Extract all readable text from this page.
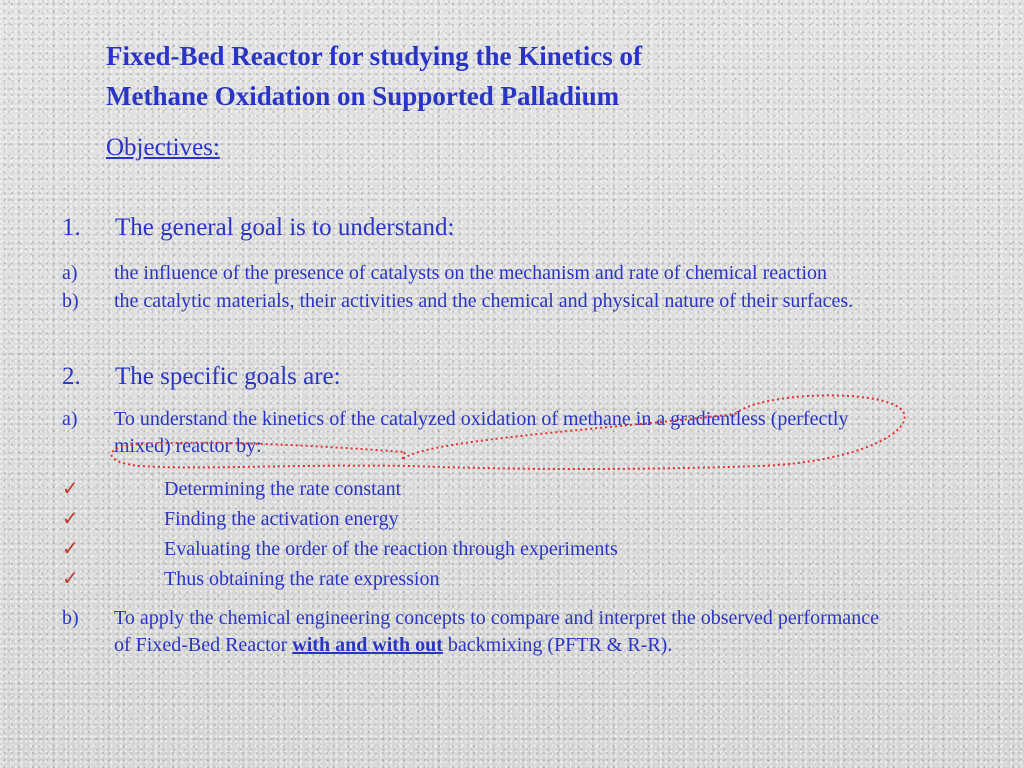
Fixed-Bed Reactor for studying the Kinetics of
Methane Oxidation on Supported Palladium
Objectives:
1.	The general goal is to understand:
a)	the influence of the presence of catalysts on the mechanism and rate of chemical reaction
b)	the catalytic materials, their activities and the chemical and physical nature of their surfaces.
2.	The specific goals are:
a)	To understand the kinetics of the catalyzed oxidation of methane in a gradientless (perfectly mixed) reactor by:
✓	Determining the rate constant
✓	Finding the activation energy
✓	Evaluating the order of the reaction through experiments
✓	Thus obtaining the rate expression
b)	To apply the chemical engineering concepts to compare and interpret the observed performance of Fixed-Bed Reactor with and with out backmixing (PFTR & R-R).
